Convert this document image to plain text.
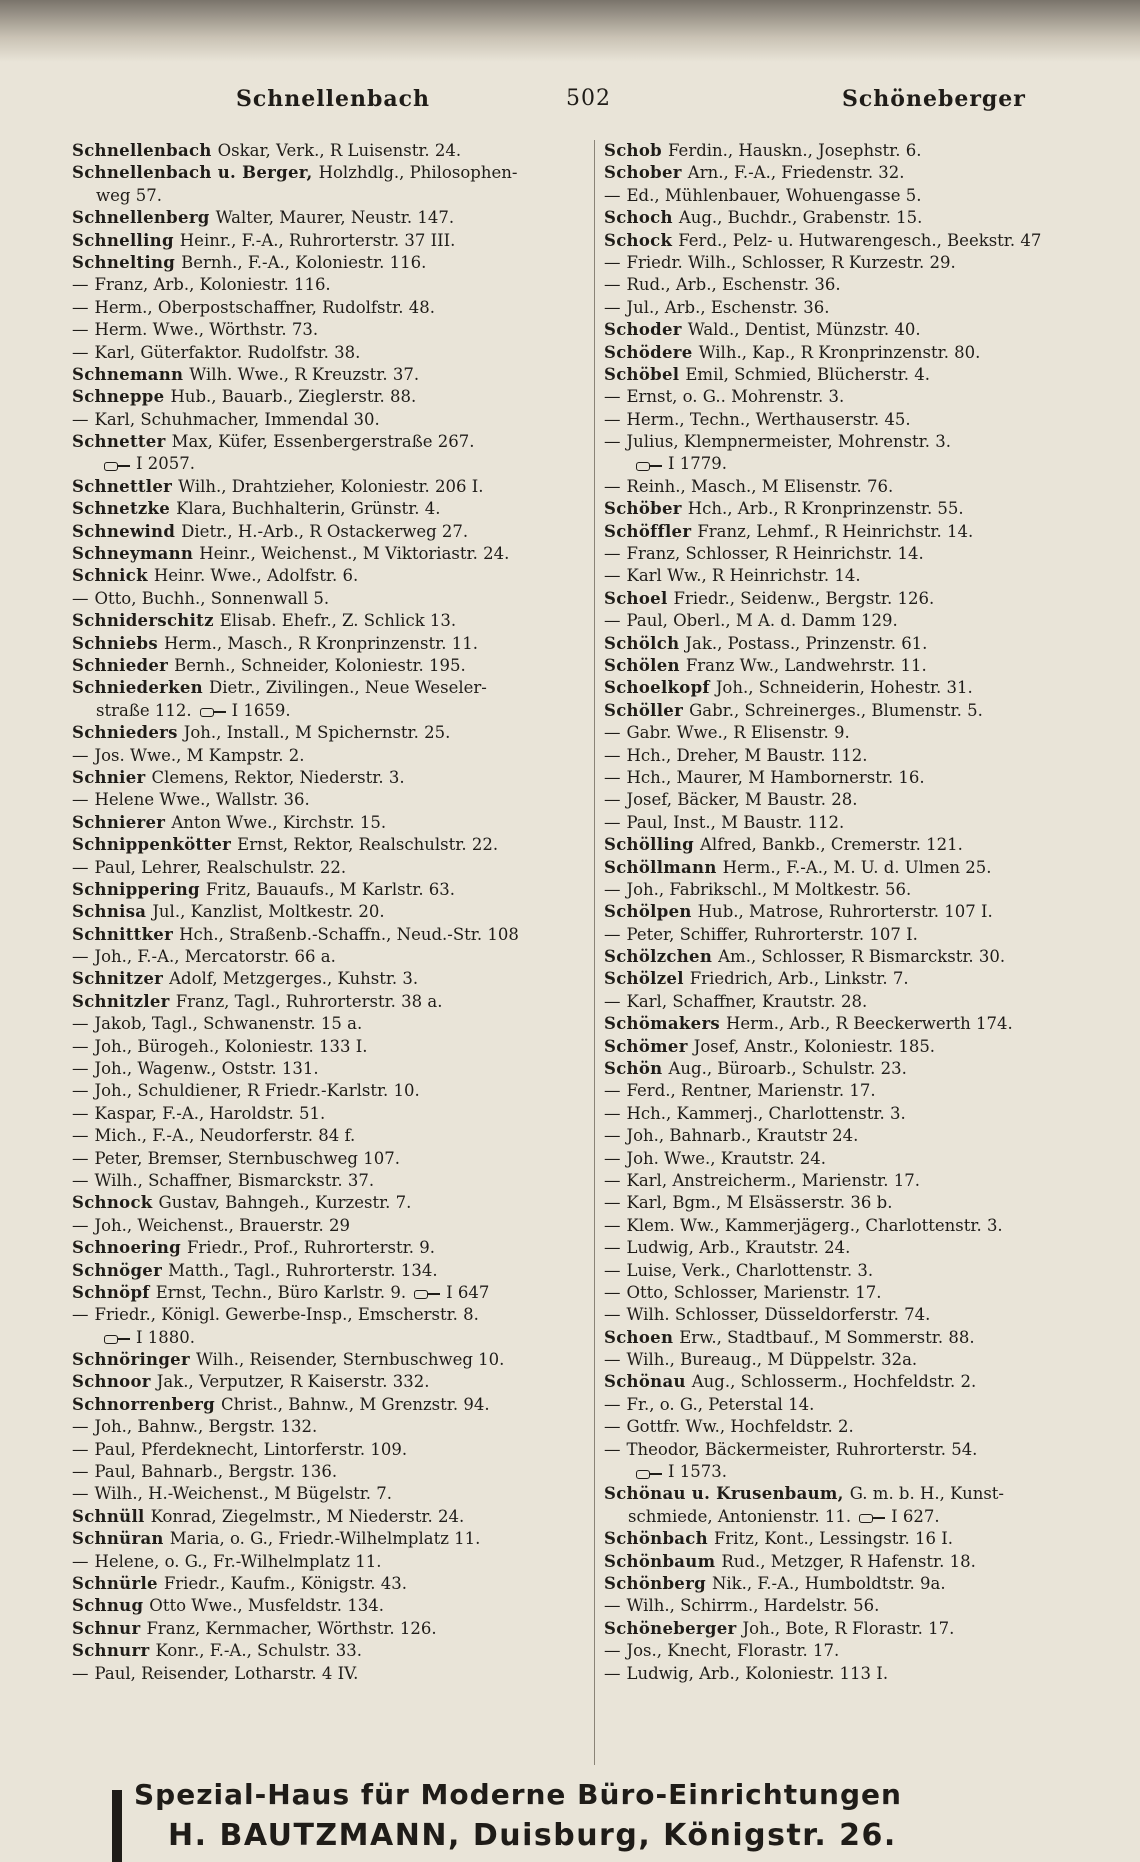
Schnellenbach	502	Schöneberger
Schnellenbach Oskar, Verk., R Luisenstr. 24.
Schnellenbach u. Berger, Holzhdlg., Philosophen-
weg 57.
Schnellenberg Walter, Maurer, Neustr. 147.
Schnelling Heinr., F.-A., Ruhrorterstr. 37 III.
Schnelting Bernh., F.-A., Koloniestr. 116.
— Franz, Arb., Koloniestr. 116.
— Herm., Oberpostschaffner, Rudolfstr. 48.
— Herm. Wwe., Wörthstr. 73.
— Karl, Güterfaktor. Rudolfstr. 38.
Schnemann Wilh. Wwe., R Kreuzstr. 37.
Schneppe Hub., Bauarb., Zieglerstr. 88.
— Karl, Schuhmacher, Immendal 30.
Schnetter Max, Küfer, Essenbergerstraße 267.
I 2057.
Schnettler Wilh., Drahtzieher, Koloniestr. 206 I.
Schnetzke Klara, Buchhalterin, Grünstr. 4.
Schnewind Dietr., H.-Arb., R Ostackerweg 27.
Schneymann Heinr., Weichenst., M Viktoriastr. 24.
Schnick Heinr. Wwe., Adolfstr. 6.
— Otto, Buchh., Sonnenwall 5.
Schniderschitz Elisab. Ehefr., Z. Schlick 13.
Schniebs Herm., Masch., R Kronprinzenstr. 11.
Schnieder Bernh., Schneider, Koloniestr. 195.
Schniederken Dietr., Zivilingen., Neue Weseler-
straße 112. I 1659.
Schnieders Joh., Install., M Spichernstr. 25.
— Jos. Wwe., M Kampstr. 2.
Schnier Clemens, Rektor, Niederstr. 3.
— Helene Wwe., Wallstr. 36.
Schnierer Anton Wwe., Kirchstr. 15.
Schnippenkötter Ernst, Rektor, Realschulstr. 22.
— Paul, Lehrer, Realschulstr. 22.
Schnippering Fritz, Bauaufs., M Karlstr. 63.
Schnisa Jul., Kanzlist, Moltkestr. 20.
Schnittker Hch., Straßenb.-Schaffn., Neud.-Str. 108
— Joh., F.-A., Mercatorstr. 66 a.
Schnitzer Adolf, Metzgerges., Kuhstr. 3.
Schnitzler Franz, Tagl., Ruhrorterstr. 38 a.
— Jakob, Tagl., Schwanenstr. 15 a.
— Joh., Bürogeh., Koloniestr. 133 I.
— Joh., Wagenw., Oststr. 131.
— Joh., Schuldiener, R Friedr.-Karlstr. 10.
— Kaspar, F.-A., Haroldstr. 51.
— Mich., F.-A., Neudorferstr. 84 f.
— Peter, Bremser, Sternbuschweg 107.
— Wilh., Schaffner, Bismarckstr. 37.
Schnock Gustav, Bahngeh., Kurzestr. 7.
— Joh., Weichenst., Brauerstr. 29
Schnoering Friedr., Prof., Ruhrorterstr. 9.
Schnöger Matth., Tagl., Ruhrorterstr. 134.
Schnöpf Ernst, Techn., Büro Karlstr. 9. I 647
— Friedr., Königl. Gewerbe-Insp., Emscherstr. 8.
I 1880.
Schnöringer Wilh., Reisender, Sternbuschweg 10.
Schnoor Jak., Verputzer, R Kaiserstr. 332.
Schnorrenberg Christ., Bahnw., M Grenzstr. 94.
— Joh., Bahnw., Bergstr. 132.
— Paul, Pferdeknecht, Lintorferstr. 109.
— Paul, Bahnarb., Bergstr. 136.
— Wilh., H.-Weichenst., M Bügelstr. 7.
Schnüll Konrad, Ziegelmstr., M Niederstr. 24.
Schnüran Maria, o. G., Friedr.-Wilhelmplatz 11.
— Helene, o. G., Fr.-Wilhelmplatz 11.
Schnürle Friedr., Kaufm., Königstr. 43.
Schnug Otto Wwe., Musfeldstr. 134.
Schnur Franz, Kernmacher, Wörthstr. 126.
Schnurr Konr., F.-A., Schulstr. 33.
— Paul, Reisender, Lotharstr. 4 IV.
Schob Ferdin., Hauskn., Josephstr. 6.
Schober Arn., F.-A., Friedenstr. 32.
— Ed., Mühlenbauer, Wohuengasse 5.
Schoch Aug., Buchdr., Grabenstr. 15.
Schock Ferd., Pelz- u. Hutwarengesch., Beekstr. 47
— Friedr. Wilh., Schlosser, R Kurzestr. 29.
— Rud., Arb., Eschenstr. 36.
— Jul., Arb., Eschenstr. 36.
Schoder Wald., Dentist, Münzstr. 40.
Schödere Wilh., Kap., R Kronprinzenstr. 80.
Schöbel Emil, Schmied, Blücherstr. 4.
— Ernst, o. G.. Mohrenstr. 3.
— Herm., Techn., Werthauserstr. 45.
— Julius, Klempnermeister, Mohrenstr. 3.
I 1779.
— Reinh., Masch., M Elisenstr. 76.
Schöber Hch., Arb., R Kronprinzenstr. 55.
Schöffler Franz, Lehmf., R Heinrichstr. 14.
— Franz, Schlosser, R Heinrichstr. 14.
— Karl Ww., R Heinrichstr. 14.
Schoel Friedr., Seidenw., Bergstr. 126.
— Paul, Oberl., M A. d. Damm 129.
Schölch Jak., Postass., Prinzenstr. 61.
Schölen Franz Ww., Landwehrstr. 11.
Schoelkopf Joh., Schneiderin, Hohestr. 31.
Schöller Gabr., Schreinerges., Blumenstr. 5.
— Gabr. Wwe., R Elisenstr. 9.
— Hch., Dreher, M Baustr. 112.
— Hch., Maurer, M Hambornerstr. 16.
— Josef, Bäcker, M Baustr. 28.
— Paul, Inst., M Baustr. 112.
Schölling Alfred, Bankb., Cremerstr. 121.
Schöllmann Herm., F.-A., M. U. d. Ulmen 25.
— Joh., Fabrikschl., M Moltkestr. 56.
Schölpen Hub., Matrose, Ruhrorterstr. 107 I.
— Peter, Schiffer, Ruhrorterstr. 107 I.
Schölzchen Am., Schlosser, R Bismarckstr. 30.
Schölzel Friedrich, Arb., Linkstr. 7.
— Karl, Schaffner, Krautstr. 28.
Schömakers Herm., Arb., R Beeckerwerth 174.
Schömer Josef, Anstr., Koloniestr. 185.
Schön Aug., Büroarb., Schulstr. 23.
— Ferd., Rentner, Marienstr. 17.
— Hch., Kammerj., Charlottenstr. 3.
— Joh., Bahnarb., Krautstr 24.
— Joh. Wwe., Krautstr. 24.
— Karl, Anstreicherm., Marienstr. 17.
— Karl, Bgm., M Elsässerstr. 36 b.
— Klem. Ww., Kammerjägerg., Charlottenstr. 3.
— Ludwig, Arb., Krautstr. 24.
— Luise, Verk., Charlottenstr. 3.
— Otto, Schlosser, Marienstr. 17.
— Wilh. Schlosser, Düsseldorferstr. 74.
Schoen Erw., Stadtbauf., M Sommerstr. 88.
— Wilh., Bureaug., M Düppelstr. 32a.
Schönau Aug., Schlosserm., Hochfeldstr. 2.
— Fr., o. G., Peterstal 14.
— Gottfr. Ww., Hochfeldstr. 2.
— Theodor, Bäckermeister, Ruhrorterstr. 54.
I 1573.
Schönau u. Krusenbaum, G. m. b. H., Kunst-
schmiede, Antonienstr. 11. I 627.
Schönbach Fritz, Kont., Lessingstr. 16 I.
Schönbaum Rud., Metzger, R Hafenstr. 18.
Schönberg Nik., F.-A., Humboldtstr. 9a.
— Wilh., Schirrm., Hardelstr. 56.
Schöneberger Joh., Bote, R Florastr. 17.
— Jos., Knecht, Florastr. 17.
— Ludwig, Arb., Koloniestr. 113 I.
Spezial-Haus für Moderne Büro-Einrichtungen
H. BAUTZMANN, Duisburg, Königstr. 26.
